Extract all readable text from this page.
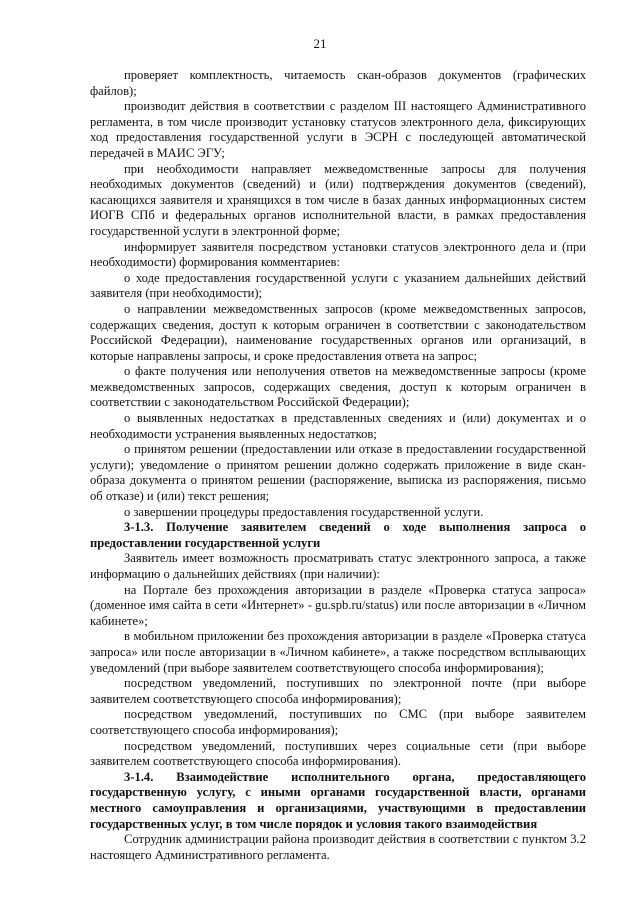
21

проверяет комплектность, читаемость скан-образов документов (графических файлов);

производит действия в соответствии с разделом III настоящего Административного регламента, в том числе производит установку статусов электронного дела, фиксирующих ход предоставления государственной услуги в ЭСРН с последующей автоматической передачей в МАИС ЭГУ;

при необходимости направляет межведомственные запросы для получения необходимых документов (сведений) и (или) подтверждения документов (сведений), касающихся заявителя и хранящихся в том числе в базах данных информационных систем ИОГВ СПб и федеральных органов исполнительной власти, в рамках предоставления государственной услуги в электронной форме;

информирует заявителя посредством установки статусов электронного дела и (при необходимости) формирования комментариев:

о ходе предоставления государственной услуги с указанием дальнейших действий заявителя (при необходимости);

о направлении межведомственных запросов (кроме межведомственных запросов, содержащих сведения, доступ к которым ограничен в соответствии с законодательством Российской Федерации), наименование государственных органов или организаций, в которые направлены запросы, и сроке предоставления ответа на запрос;

о факте получения или неполучения ответов на межведомственные запросы (кроме межведомственных запросов, содержащих сведения, доступ к которым ограничен в соответствии с законодательством Российской Федерации);

о выявленных недостатках в представленных сведениях и (или) документах и о необходимости устранения выявленных недостатков;

о принятом решении (предоставлении или отказе в предоставлении государственной услуги); уведомление о принятом решении должно содержать приложение в виде скан-образа документа о принятом решении (распоряжение, выписка из распоряжения, письмо об отказе) и (или) текст решения;

о завершении процедуры предоставления государственной услуги.

3-1.3. Получение заявителем сведений о ходе выполнения запроса о предоставлении государственной услуги

Заявитель имеет возможность просматривать статус электронного запроса, а также информацию о дальнейших действиях (при наличии):

на Портале без прохождения авторизации в разделе «Проверка статуса запроса» (доменное имя сайта в сети «Интернет» - gu.spb.ru/status) или после авторизации в «Личном кабинете»;

в мобильном приложении без прохождения авторизации в разделе «Проверка статуса запроса» или после авторизации в «Личном кабинете», а также посредством всплывающих уведомлений (при выборе заявителем соответствующего способа информирования);

посредством уведомлений, поступивших по электронной почте (при выборе заявителем соответствующего способа информирования);

посредством уведомлений, поступивших по СМС (при выборе заявителем соответствующего способа информирования);

посредством уведомлений, поступивших через социальные сети (при выборе заявителем соответствующего способа информирования).

3-1.4. Взаимодействие исполнительного органа, предоставляющего государственную услугу, с иными органами государственной власти, органами местного самоуправления и организациями, участвующими в предоставлении государственных услуг, в том числе порядок и условия такого взаимодействия

Сотрудник администрации района производит действия в соответствии с пунктом 3.2 настоящего Административного регламента.
